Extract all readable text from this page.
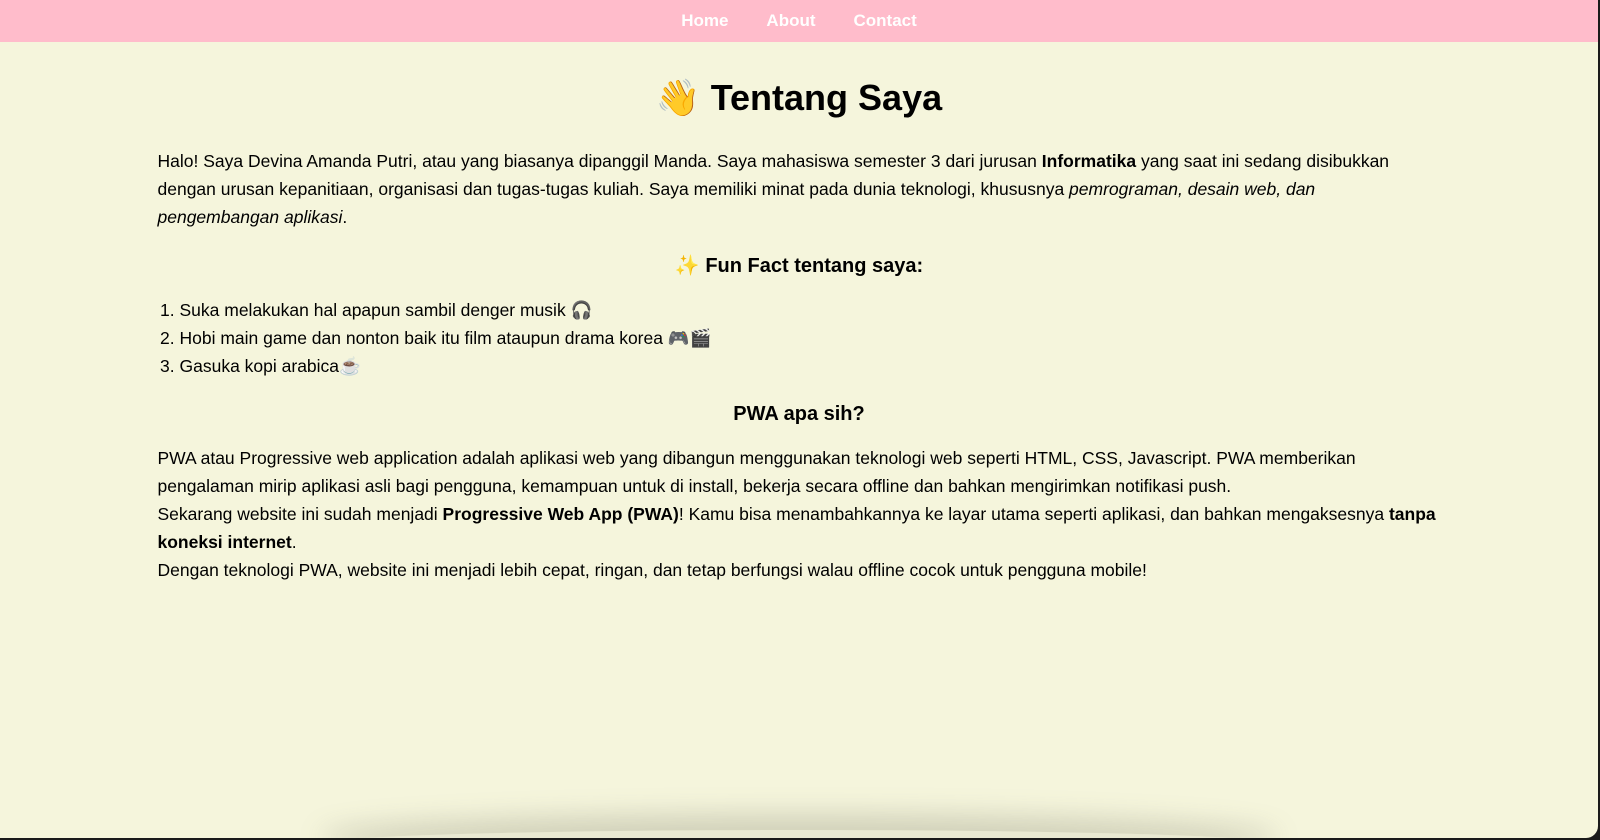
Home About Contact
👋 Tentang Saya

Halo! Saya Devina Amanda Putri, atau yang biasanya dipanggil Manda. Saya mahasiswa semester 3 dari jurusan Informatika yang saat ini sedang disibukkan dengan urusan kepanitiaan, organisasi dan tugas-tugas kuliah. Saya memiliki minat pada dunia teknologi, khususnya pemrograman, desain web, dan pengembangan aplikasi.

✨ Fun Fact tentang saya:
1. Suka melakukan hal apapun sambil denger musik 🎧
2. Hobi main game dan nonton baik itu film ataupun drama korea 🎮🎬
3. Gasuka kopi arabica☕
PWA apa sih?

PWA atau Progressive web application adalah aplikasi web yang dibangun menggunakan teknologi web seperti HTML, CSS, Javascript. PWA memberikan pengalaman mirip aplikasi asli bagi pengguna, kemampuan untuk di install, bekerja secara offline dan bahkan mengirimkan notifikasi push.

Sekarang website ini sudah menjadi Progressive Web App (PWA)! Kamu bisa menambahkannya ke layar utama seperti aplikasi, dan bahkan mengaksesnya tanpa koneksi internet.

Dengan teknologi PWA, website ini menjadi lebih cepat, ringan, dan tetap berfungsi walau offline cocok untuk pengguna mobile!
